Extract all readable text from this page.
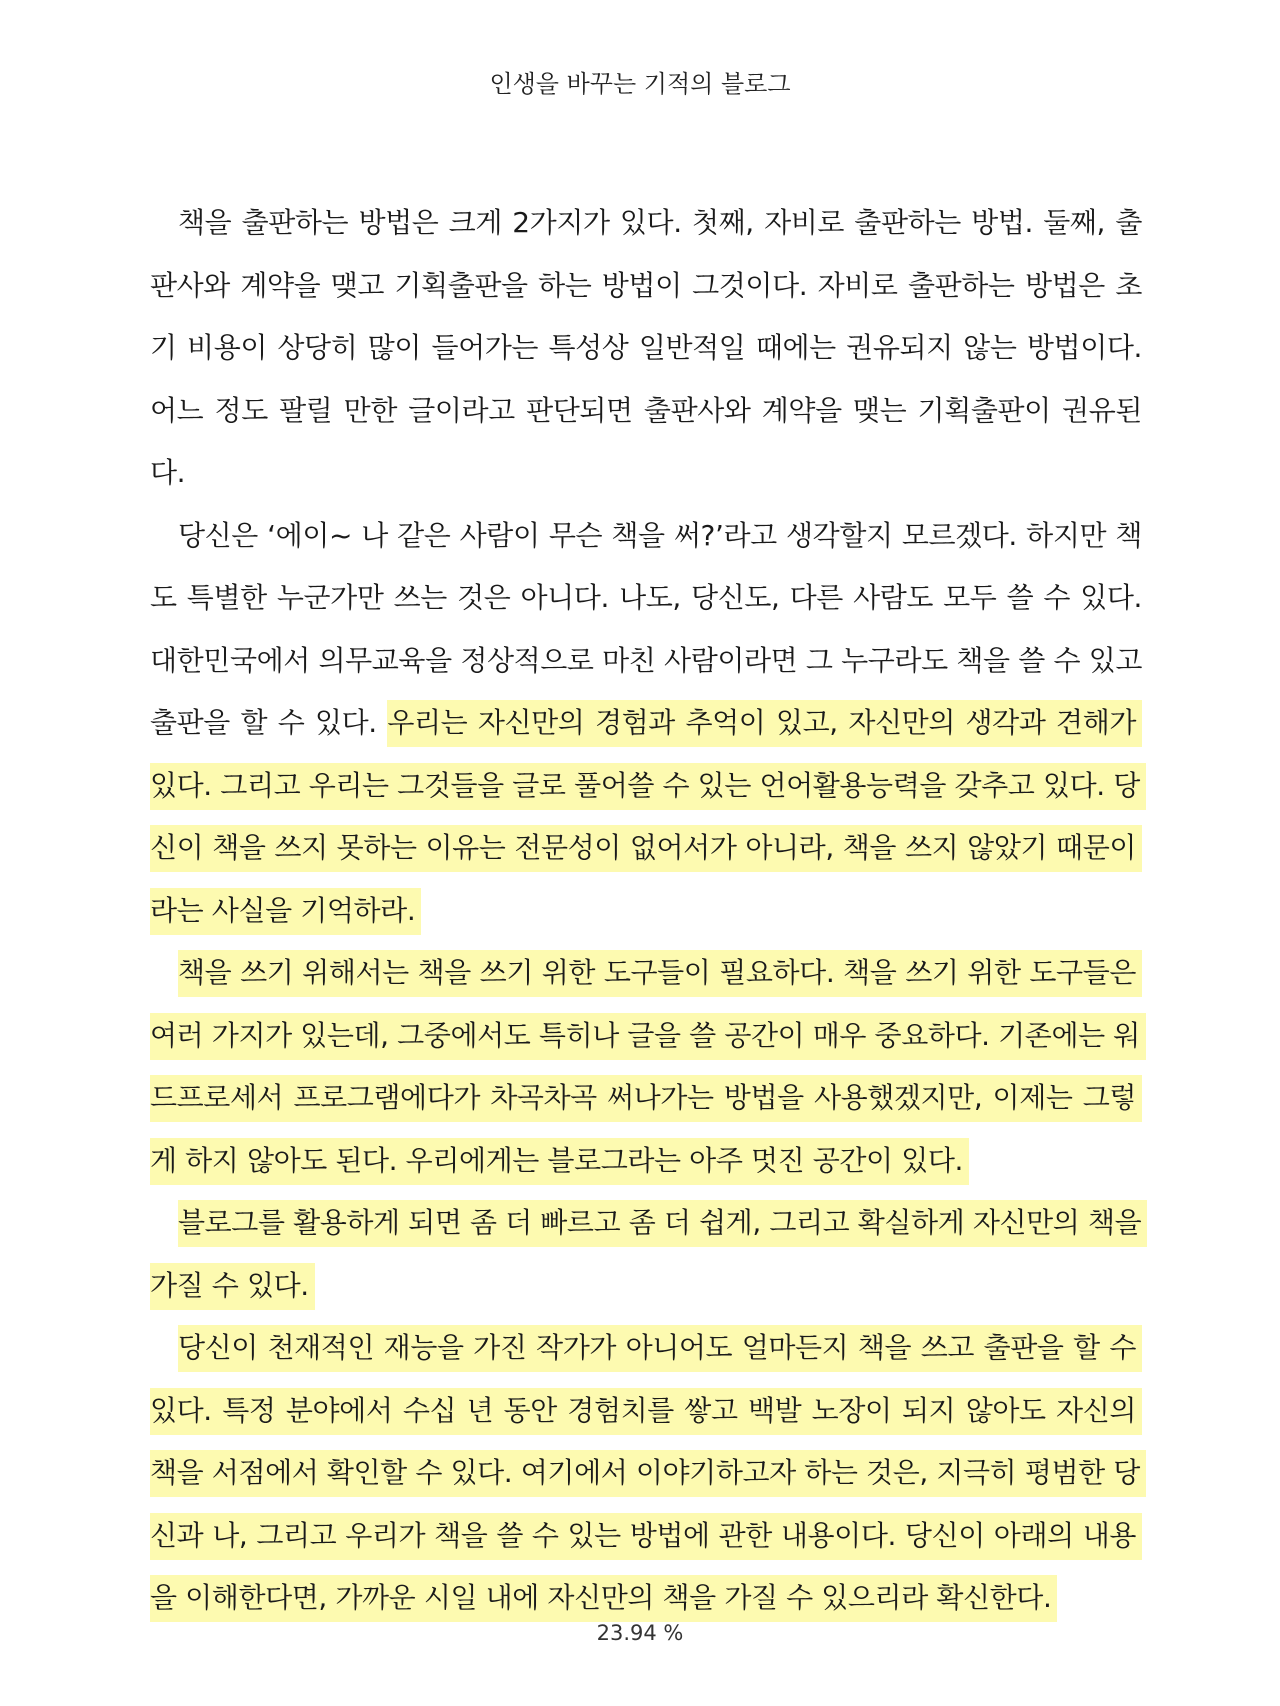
인생을 바꾸는 기적의 블로그

책을 출판하는 방법은 크게 2가지가 있다. 첫째, 자비로 출판하는 방법. 둘째, 출판사와 계약을 맺고 기획출판을 하는 방법이 그것이다. 자비로 출판하는 방법은 초기 비용이 상당히 많이 들어가는 특성상 일반적일 때에는 권유되지 않는 방법이다. 어느 정도 팔릴 만한 글이라고 판단되면 출판사와 계약을 맺는 기획출판이 권유된다.

당신은 ‘에이~ 나 같은 사람이 무슨 책을 써?’라고 생각할지 모르겠다. 하지만 책도 특별한 누군가만 쓰는 것은 아니다. 나도, 당신도, 다른 사람도 모두 쓸 수 있다. 대한민국에서 의무교육을 정상적으로 마친 사람이라면 그 누구라도 책을 쓸 수 있고 출판을 할 수 있다. 우리는 자신만의 경험과 추억이 있고, 자신만의 생각과 견해가 있다. 그리고 우리는 그것들을 글로 풀어쓸 수 있는 언어활용능력을 갖추고 있다. 당신이 책을 쓰지 못하는 이유는 전문성이 없어서가 아니라, 책을 쓰지 않았기 때문이라는 사실을 기억하라.

책을 쓰기 위해서는 책을 쓰기 위한 도구들이 필요하다. 책을 쓰기 위한 도구들은 여러 가지가 있는데, 그중에서도 특히나 글을 쓸 공간이 매우 중요하다. 기존에는 워드프로세서 프로그램에다가 차곡차곡 써나가는 방법을 사용했겠지만, 이제는 그렇게 하지 않아도 된다. 우리에게는 블로그라는 아주 멋진 공간이 있다.

블로그를 활용하게 되면 좀 더 빠르고 좀 더 쉽게, 그리고 확실하게 자신만의 책을 가질 수 있다.

당신이 천재적인 재능을 가진 작가가 아니어도 얼마든지 책을 쓰고 출판을 할 수 있다. 특정 분야에서 수십 년 동안 경험치를 쌓고 백발 노장이 되지 않아도 자신의 책을 서점에서 확인할 수 있다. 여기에서 이야기하고자 하는 것은, 지극히 평범한 당신과 나, 그리고 우리가 책을 쓸 수 있는 방법에 관한 내용이다. 당신이 아래의 내용을 이해한다면, 가까운 시일 내에 자신만의 책을 가질 수 있으리라 확신한다.

23.94 %
